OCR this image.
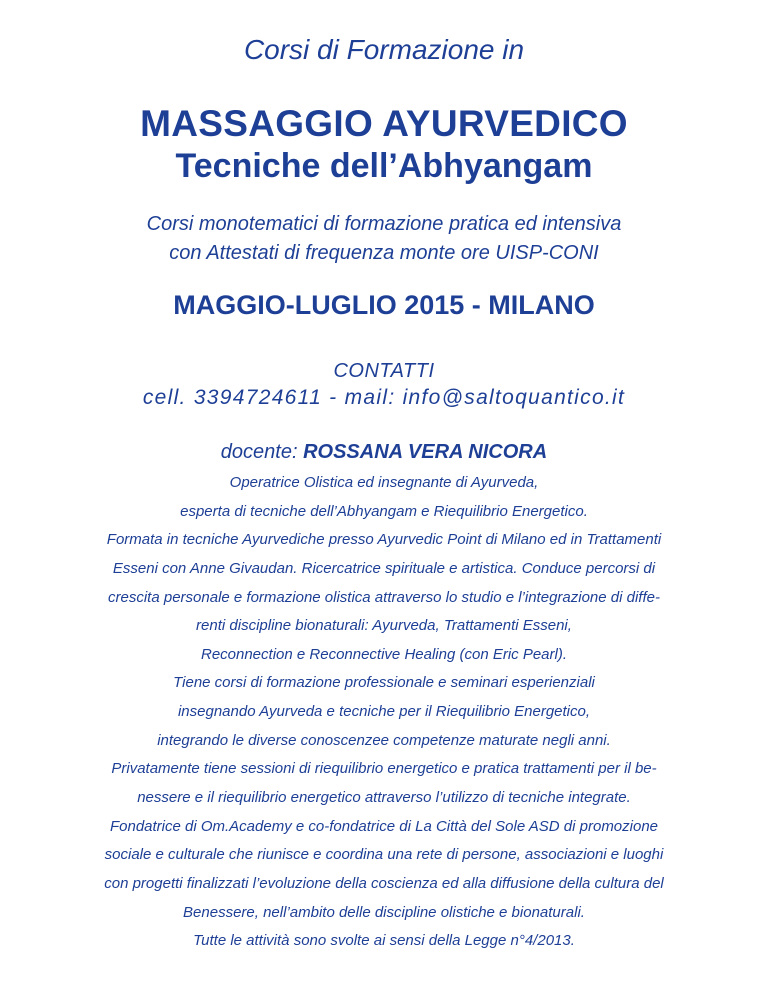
Corsi di Formazione in
MASSAGGIO AYURVEDICO
Tecniche dell’Abhyangam
Corsi monotematici di formazione pratica ed intensiva
con Attestati di frequenza monte ore UISP-CONI
MAGGIO-LUGLIO 2015 - MILANO
CONTATTI
cell. 3394724611 - mail: info@saltoquantico.it
docente: ROSSANA VERA NICORA
Operatrice Olistica ed insegnante di Ayurveda,
esperta di tecniche dell’Abhyangam e Riequilibrio Energetico.
Formata in tecniche Ayurvediche presso Ayurvedic Point di Milano ed in Trattamenti
Esseni con Anne Givaudan. Ricercatrice spirituale e artistica. Conduce percorsi di
crescita personale e formazione olistica attraverso lo studio e l’integrazione di diffe-
renti discipline bionaturali: Ayurveda, Trattamenti Esseni,
Reconnection e Reconnective Healing (con Eric Pearl).
Tiene corsi di formazione professionale e seminari esperienziali
insegnando Ayurveda e tecniche per il Riequilibrio Energetico,
integrando le diverse conoscenzee competenze maturate negli anni.
Privatamente tiene sessioni di riequilibrio energetico e pratica trattamenti per il be-
nessere e il riequilibrio energetico attraverso l’utilizzo di tecniche integrate.
Fondatrice di Om.Academy e co-fondatrice di La Città del Sole ASD di promozione
sociale e culturale che riunisce e coordina una rete di persone, associazioni e luoghi
con progetti finalizzati l’evoluzione della coscienza ed alla diffusione della cultura del
Benessere, nell’ambito delle discipline olistiche e bionaturali.
Tutte le attività sono svolte ai sensi della Legge n°4/2013.
